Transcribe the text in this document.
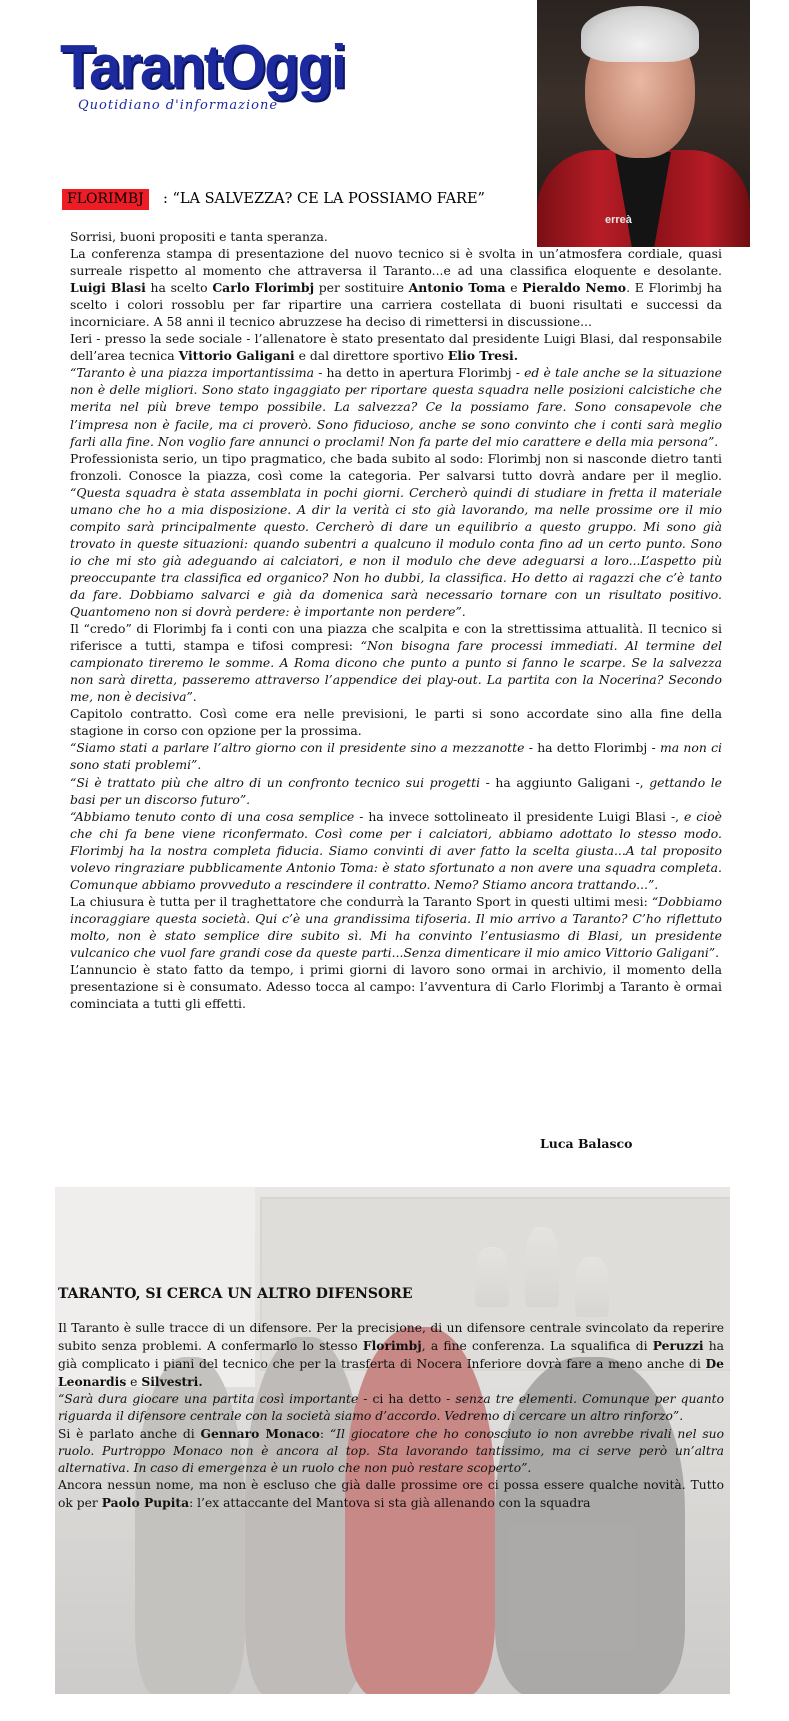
TarantOggi
Quotidiano d'informazione
erreà
FLORIMBJ	: “LA SALVEZZA? CE LA POSSIAMO FARE”

Sorrisi, buoni propositi e tanta speranza.

La conferenza stampa di presentazione del nuovo tecnico si è svolta in un’atmosfera cordiale, quasi surreale rispetto al momento che attraversa il Taranto...e ad una classifica eloquente e desolante. Luigi Blasi ha scelto Carlo Florimbj per sostituire Antonio Toma e Pieraldo Nemo. E Florimbj ha scelto i colori rossoblu per far ripartire una carriera costellata di buoni risultati e successi da incorniciare. A 58 anni il tecnico abruzzese ha deciso di rimettersi in discussione...

Ieri - presso la sede sociale - l’allenatore è stato presentato dal presidente Luigi Blasi, dal responsabile dell’area tecnica Vittorio Galigani e dal direttore sportivo Elio Tresi.

“Taranto è una piazza importantissima - ha detto in apertura Florimbj - ed è tale anche se la situazione non è delle migliori. Sono stato ingaggiato per riportare questa squadra nelle posizioni calcistiche che merita nel più breve tempo possibile. La salvezza? Ce la possiamo fare. Sono consapevole che l’impresa non è facile, ma ci proverò. Sono fiducioso, anche se sono convinto che i conti sarà meglio farli alla fine. Non voglio fare annunci o proclami! Non fa parte del mio carattere e della mia persona”.

Professionista serio, un tipo pragmatico, che bada subito al sodo: Florimbj non si nasconde dietro tanti fronzoli. Conosce la piazza, così come la categoria. Per salvarsi tutto dovrà andare per il meglio. “Questa squadra è stata assemblata in pochi giorni. Cercherò quindi di studiare in fretta il materiale umano che ho a mia disposizione. A dir la verità ci sto già lavorando, ma nelle prossime ore il mio compito sarà principalmente questo. Cercherò di dare un equilibrio a questo gruppo. Mi sono già trovato in queste situazioni: quando subentri a qualcuno il modulo conta fino ad un certo punto. Sono io che mi sto già adeguando ai calciatori, e non il modulo che deve adeguarsi a loro...L’aspetto più preoccupante tra classifica ed organico? Non ho dubbi, la classifica. Ho detto ai ragazzi che c’è tanto da fare. Dobbiamo salvarci e già da domenica sarà necessario tornare con un risultato positivo. Quantomeno non si dovrà perdere: è importante non perdere”.

Il “credo” di Florimbj fa i conti con una piazza che scalpita e con la strettissima attualità. Il tecnico si riferisce a tutti, stampa e tifosi compresi: “Non bisogna fare processi immediati. Al termine del campionato tireremo le somme. A Roma dicono che punto a punto si fanno le scarpe. Se la salvezza non sarà diretta, passeremo attraverso l’appendice dei play-out. La partita con la Nocerina? Secondo me, non è decisiva”.

Capitolo contratto. Così come era nelle previsioni, le parti si sono accordate sino alla fine della stagione in corso con opzione per la prossima.

“Siamo stati a parlare l’altro giorno con il presidente sino a mezzanotte - ha detto Florimbj - ma non ci sono stati problemi”.

“Si è trattato più che altro di un confronto tecnico sui progetti - ha aggiunto Galigani -, gettando le basi per un discorso futuro”.

“Abbiamo tenuto conto di una cosa semplice - ha invece sottolineato il presidente Luigi Blasi -, e cioè che chi fa bene viene riconfermato. Così come per i calciatori, abbiamo adottato lo stesso modo. Florimbj ha la nostra completa fiducia. Siamo convinti di aver fatto la scelta giusta...A tal proposito volevo ringraziare pubblicamente Antonio Toma: è stato sfortunato a non avere una squadra completa. Comunque abbiamo provveduto a rescindere il contratto. Nemo? Stiamo ancora trattando...”.

La chiusura è tutta per il traghettatore che condurrà la Taranto Sport in questi ultimi mesi: “Dobbiamo incoraggiare questa società. Qui c’è una grandissima tifoseria. Il mio arrivo a Taranto? C’ho riflettuto molto, non è stato semplice dire subito sì. Mi ha convinto l’entusiasmo di Blasi, un presidente vulcanico che vuol fare grandi cose da queste parti...Senza dimenticare il mio amico Vittorio Galigani”.

L’annuncio è stato fatto da tempo, i primi giorni di lavoro sono ormai in archivio, il momento della presentazione si è consumato. Adesso tocca al campo: l’avventura di Carlo Florimbj a Taranto è ormai cominciata a tutti gli effetti.

Luca Balasco
TARANTO, SI CERCA UN ALTRO DIFENSORE

Il Taranto è sulle tracce di un difensore. Per la precisione, di un difensore centrale svincolato da reperire subito senza problemi. A confermarlo lo stesso Florimbj, a fine conferenza. La squalifica di Peruzzi ha già complicato i piani del tecnico che per la trasferta di Nocera Inferiore dovrà fare a meno anche di De Leonardis e Silvestri.

“Sarà dura giocare una partita così importante - ci ha detto - senza tre elementi. Comunque per quanto riguarda il difensore centrale con la società siamo d’accordo. Vedremo di cercare un altro rinforzo”.

Si è parlato anche di Gennaro Monaco: “Il giocatore che ho conosciuto io non avrebbe rivali nel suo ruolo. Purtroppo Monaco non è ancora al top. Sta lavorando tantissimo, ma ci serve però un’altra alternativa. In caso di emergenza è un ruolo che non può restare scoperto”.

Ancora nessun nome, ma non è escluso che già dalle prossime ore ci possa essere qualche novità. Tutto ok per Paolo Pupita: l’ex attaccante del Mantova si sta già allenando con la squadra
